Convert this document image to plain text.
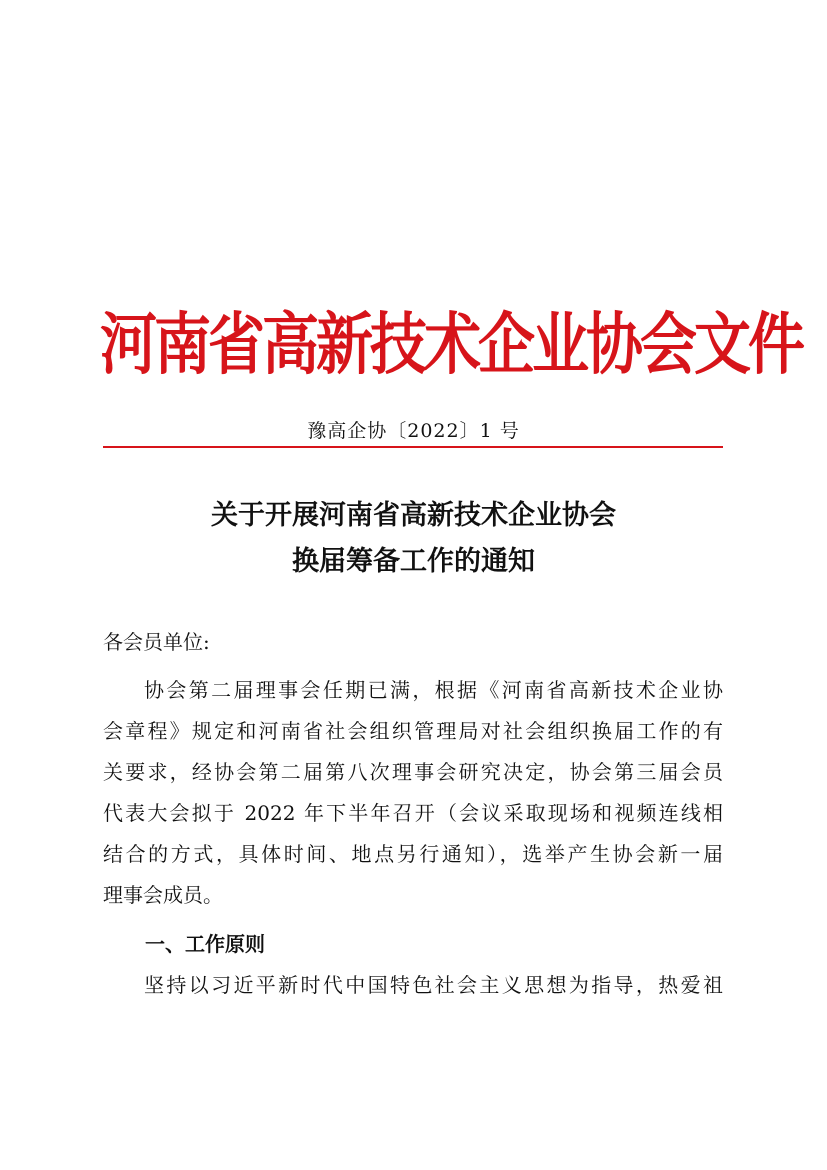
河南省高新技术企业协会文件
豫高企协〔2022〕1 号
关于开展河南省高新技术企业协会
换届筹备工作的通知
各会员单位:
协会第二届理事会任期已满，根据《河南省高新技术企业协
会章程》规定和河南省社会组织管理局对社会组织换届工作的有
关要求，经协会第二届第八次理事会研究决定，协会第三届会员
代表大会拟于 2022 年下半年召开（会议采取现场和视频连线相
结合的方式，具体时间、地点另行通知），选举产生协会新一届
理事会成员。
一、工作原则
坚持以习近平新时代中国特色社会主义思想为指导，热爱祖
